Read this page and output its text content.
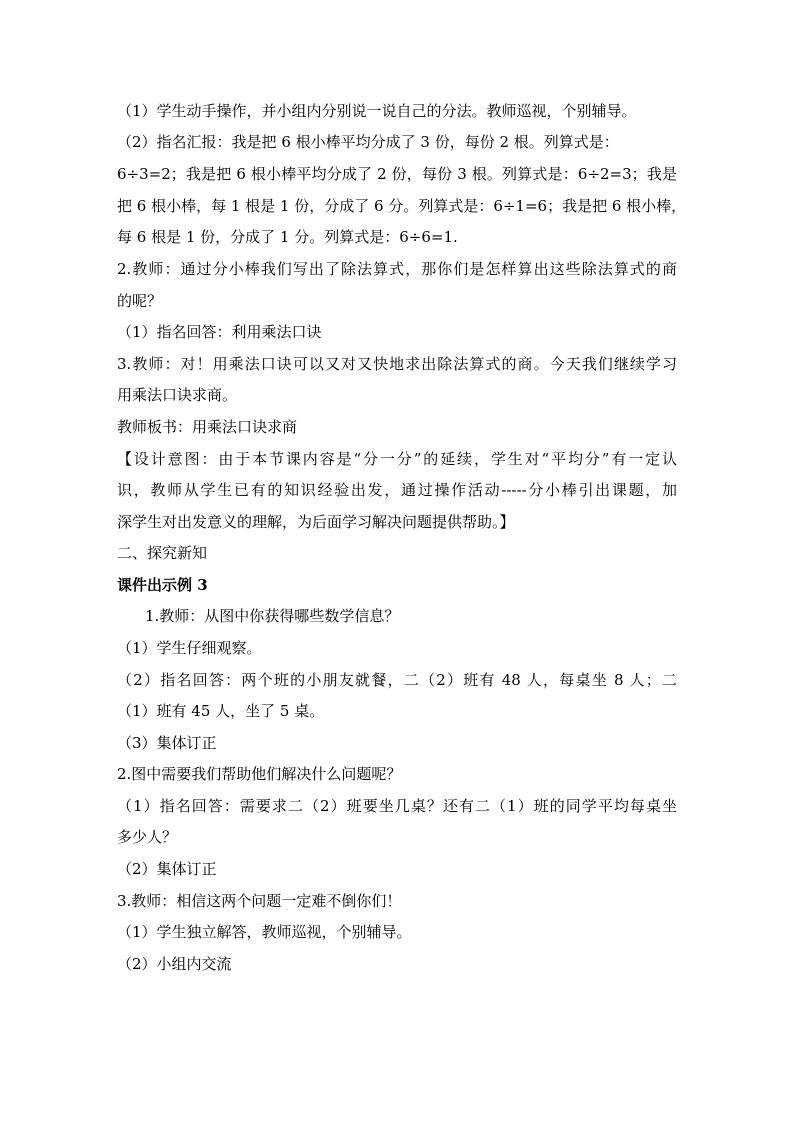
（1）学生动手操作，并小组内分别说一说自己的分法。教师巡视，个别辅导。
（2）指名汇报：我是把 6 根小棒平均分成了 3 份，每份 2 根。列算式是：
6÷3=2；我是把 6 根小棒平均分成了 2 份，每份 3 根。列算式是：6÷2=3；我是
把 6 根小棒，每 1 根是 1 份，分成了 6 分。列算式是：6÷1=6；我是把 6 根小棒，
每 6 根是 1 份，分成了 1 分。列算式是：6÷6=1.
2.教师：通过分小棒我们写出了除法算式，那你们是怎样算出这些除法算式的商
的呢？
（1）指名回答：利用乘法口诀
3.教师：对！用乘法口诀可以又对又快地求出除法算式的商。今天我们继续学习
用乘法口诀求商。
教师板书：用乘法口诀求商
【设计意图：由于本节课内容是“分一分”的延续，学生对“平均分”有一定认
识，教师从学生已有的知识经验出发，通过操作活动-----分小棒引出课题，加
深学生对出发意义的理解，为后面学习解决问题提供帮助。】
二、探究新知
课件出示例 3
1.教师：从图中你获得哪些数学信息？
（1）学生仔细观察。
（2）指名回答：两个班的小朋友就餐，二（2）班有 48 人，每桌坐 8 人；二
（1）班有 45 人，坐了 5 桌。
（3）集体订正
2.图中需要我们帮助他们解决什么问题呢？
（1）指名回答：需要求二（2）班要坐几桌？还有二（1）班的同学平均每桌坐
多少人？
（2）集体订正
3.教师：相信这两个问题一定难不倒你们！
（1）学生独立解答，教师巡视，个别辅导。
（2）小组内交流
